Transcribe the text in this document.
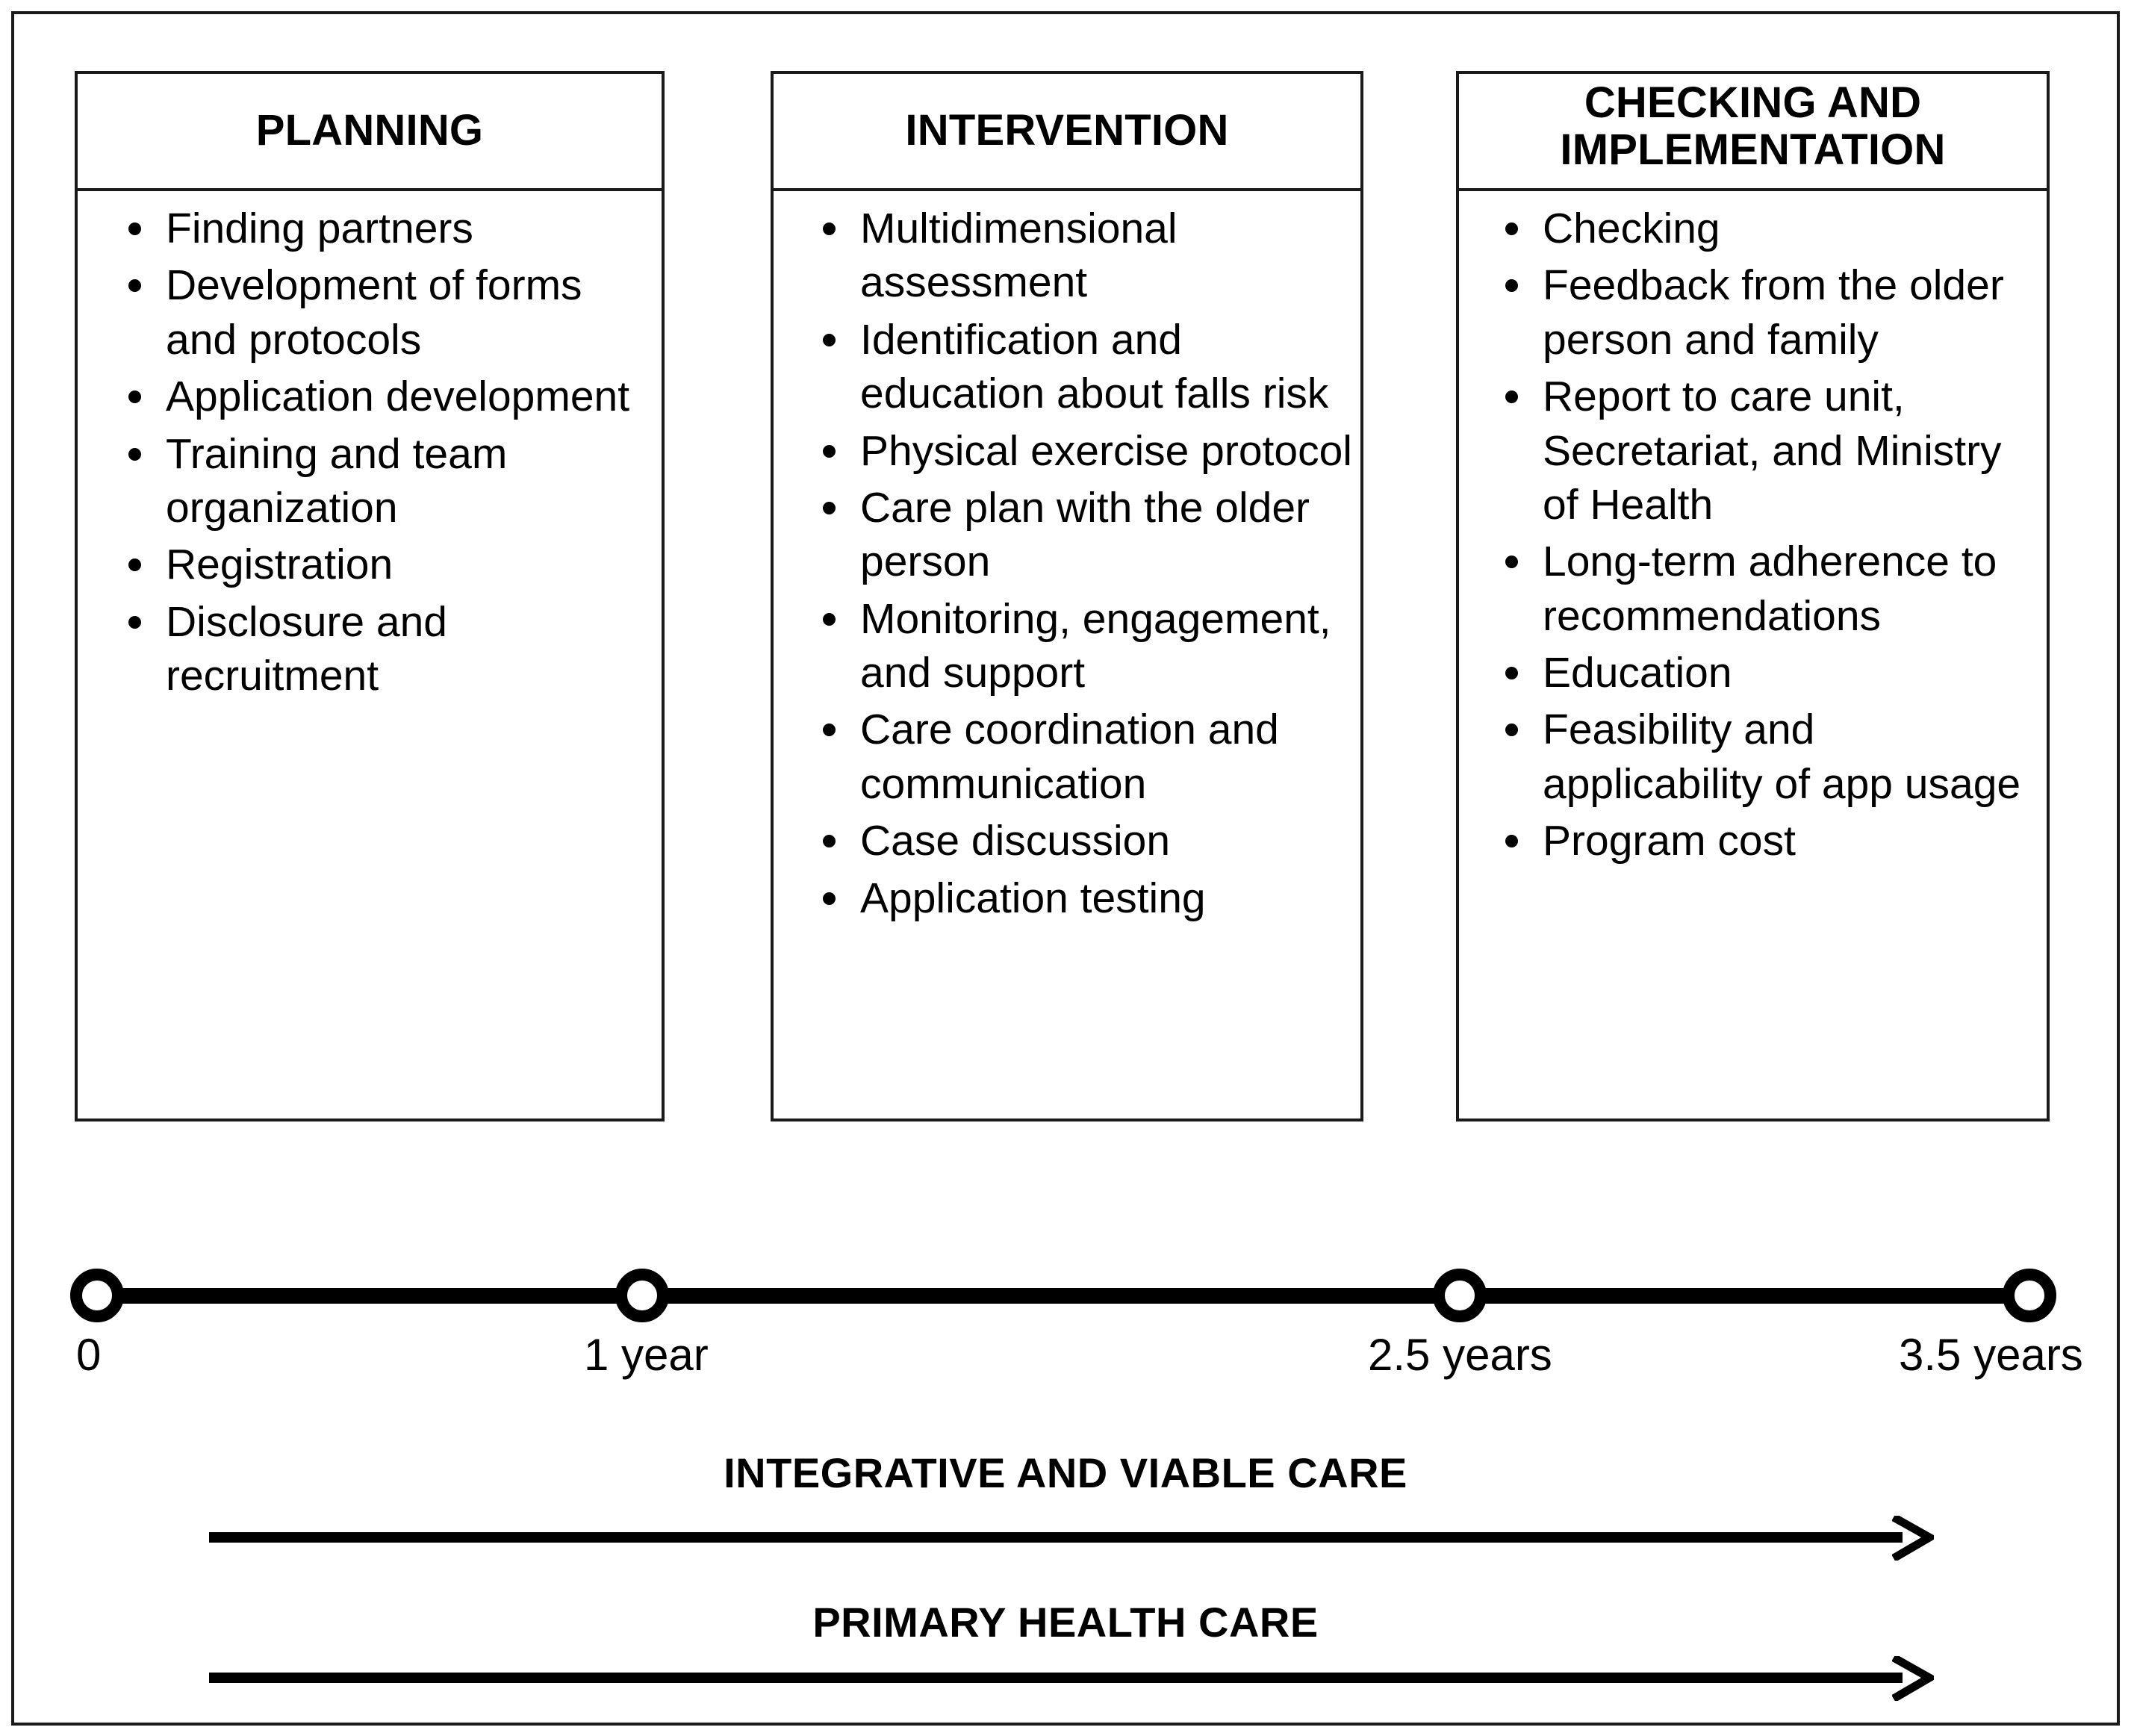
PLANNING
Finding partners
Development of forms and protocols
Application development
Training and team organization
Registration
Disclosure and recruitment
INTERVENTION
Multidimensional assessment
Identification and education about falls risk
Physical exercise protocol
Care plan with the older person
Monitoring, engagement, and support
Care coordination and communication
Case discussion
Application testing
CHECKING AND IMPLEMENTATION
Checking
Feedback from the older person and family
Report to care unit, Secretariat, and Ministry of Health
Long-term adherence to recommendations
Education
Feasibility and applicability of app usage
Program cost
0	1 year	2.5 years	3.5 years
INTEGRATIVE AND VIABLE CARE
PRIMARY HEALTH CARE
